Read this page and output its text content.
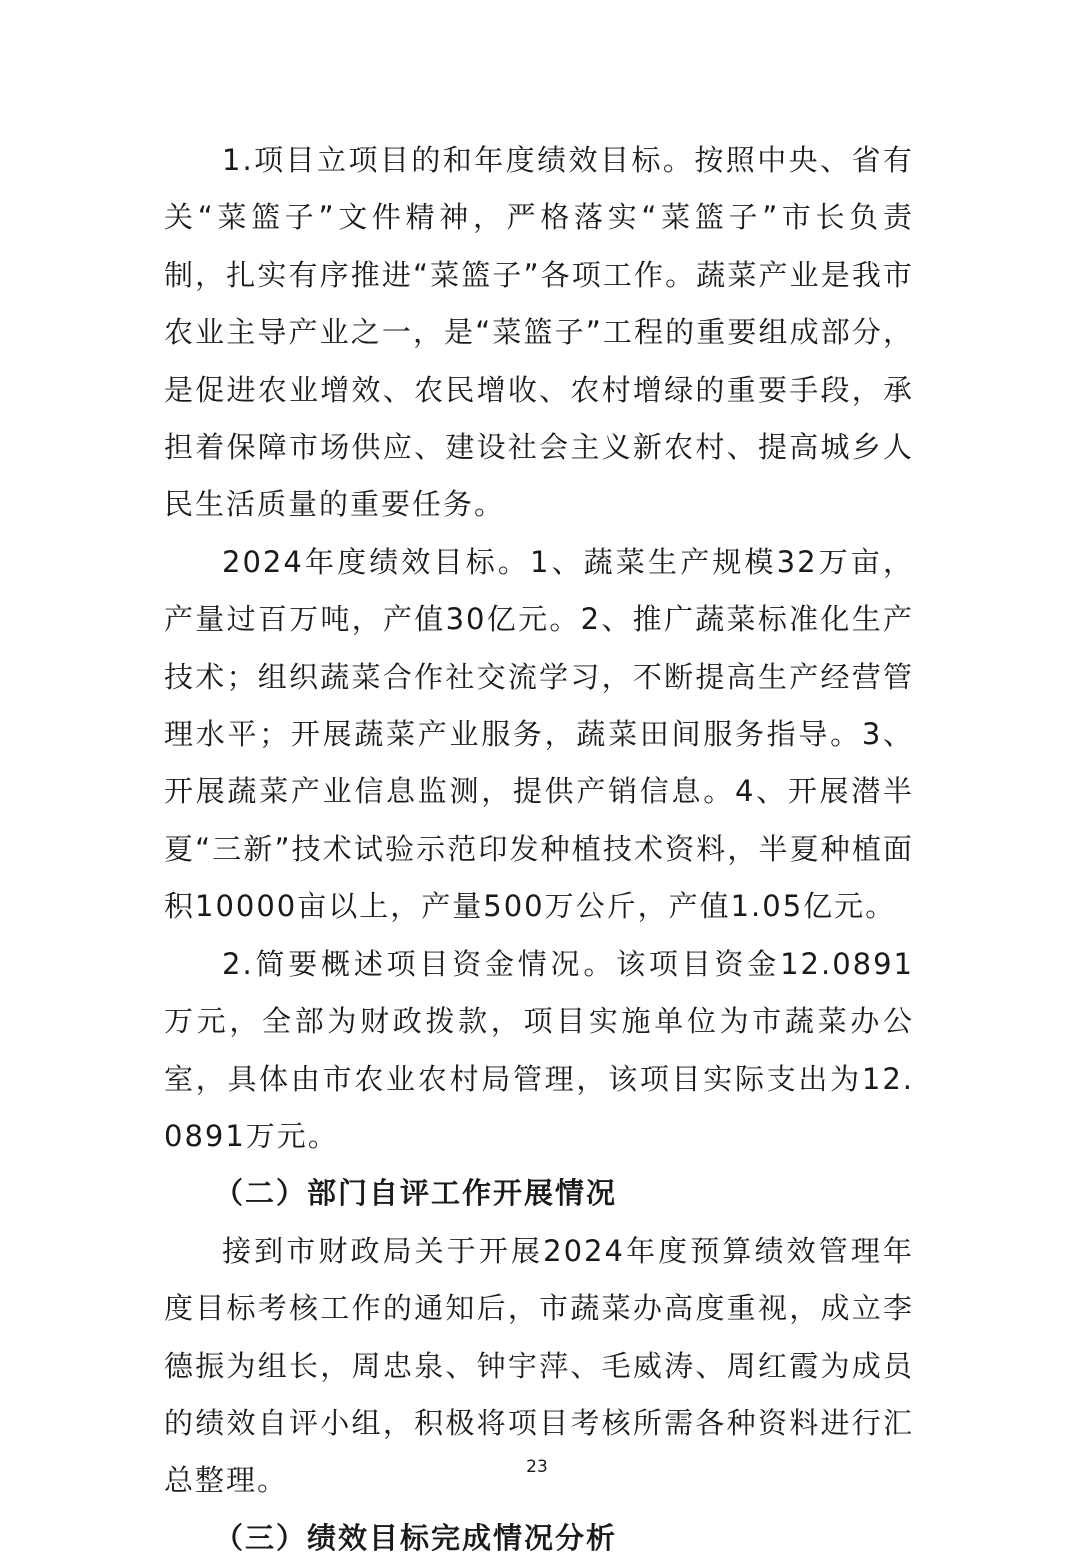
1.项目立项目的和年度绩效目标。按照中央、省有关“菜篮子”文件精神，严格落实“菜篮子”市长负责制，扎实有序推进“菜篮子”各项工作。蔬菜产业是我市农业主导产业之一，是“菜篮子”工程的重要组成部分，是促进农业增效、农民增收、农村增绿的重要手段，承担着保障市场供应、建设社会主义新农村、提高城乡人民生活质量的重要任务。

2024年度绩效目标。1、蔬菜生产规模32万亩，产量过百万吨，产值30亿元。2、推广蔬菜标准化生产技术；组织蔬菜合作社交流学习，不断提高生产经营管理水平；开展蔬菜产业服务，蔬菜田间服务指导。3、开展蔬菜产业信息监测，提供产销信息。4、开展潜半夏“三新”技术试验示范印发种植技术资料，半夏种植面积10000亩以上，产量500万公斤，产值1.05亿元。

2.简要概述项目资金情况。该项目资金12.0891万元，全部为财政拨款，项目实施单位为市蔬菜办公室，具体由市农业农村局管理，该项目实际支出为12.0891万元。

（二）部门自评工作开展情况

接到市财政局关于开展2024年度预算绩效管理年度目标考核工作的通知后，市蔬菜办高度重视，成立李德振为组长，周忠泉、钟宇萍、毛威涛、周红霞为成员的绩效自评小组，积极将项目考核所需各种资料进行汇总整理。

（三）绩效目标完成情况分析

23
